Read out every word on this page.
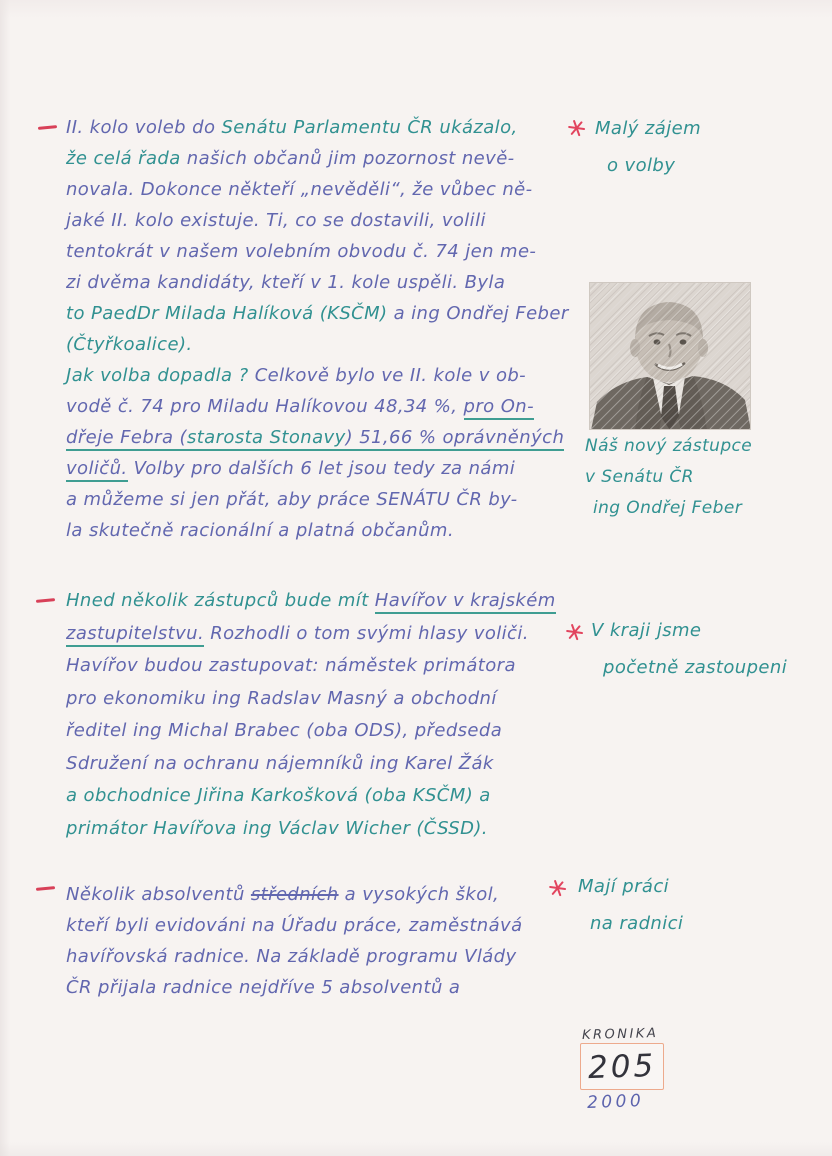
II. kolo voleb do Senátu Parlamentu ČR ukázalo,
že celá řada našich občanů jim pozornost nevě-
novala. Dokonce někteří „nevěděli“, že vůbec ně-
jaké II. kolo existuje. Ti, co se dostavili, volili
tentokrát v našem volebním obvodu č. 74 jen me-
zi dvěma kandidáty, kteří v 1. kole uspěli. Byla
to PaedDr Milada Halíková (KSČM) a ing Ondřej Feber
(Čtyřkoalice).
Jak volba dopadla ? Celkově bylo ve II. kole v ob-
vodě č. 74 pro Miladu Halíkovou 48,34 %, pro On-
dřeje Febra (starosta Stonavy) 51,66 % oprávněných
voličů. Volby pro dalších 6 let jsou tedy za námi
a můžeme si jen přát, aby práce SENÁTU ČR by-
la skutečně racionální a platná občanům.
Hned několik zástupců bude mít Havířov v krajském
zastupitelstvu. Rozhodli o tom svými hlasy voliči.
Havířov budou zastupovat: náměstek primátora
pro ekonomiku ing Radslav Masný a obchodní
ředitel ing Michal Brabec (oba ODS), předseda
Sdružení na ochranu nájemníků ing Karel Žák
a obchodnice Jiřina Karkošková (oba KSČM) a
primátor Havířova ing Václav Wicher (ČSSD).
Několik absolventů středních a vysokých škol,
kteří byli evidováni na Úřadu práce, zaměstnává
havířovská radnice. Na základě programu Vlády
ČR přijala radnice nejdříve 5 absolventů a
Malý zájem
o volby
V kraji jsme
početně zastoupeni
Mají práci
na radnici
Náš nový zástupce
v Senátu ČR
ing Ondřej Feber
KRONIKA
205
2000
